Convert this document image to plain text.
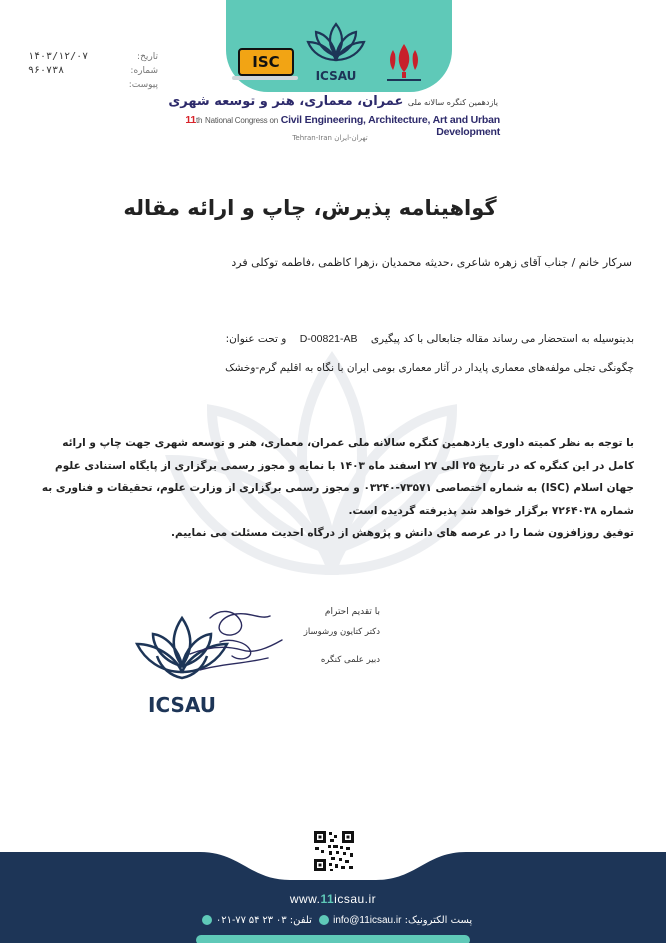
تاریخ:
۱۴۰۳/۱۲/۰۷
شماره:
۹۶۰۷۳۸
پیوست:
ISC
ICSAU
یازدهمین کنگره سالانه ملی عمران، معماری، هنر و توسعه شهری
11th National Congress on Civil Engineering, Architecture, Art and Urban Development
Tehran-Iran تهران-ایران
گواهینامه پذیرش، چاپ و ارائه مقاله
سرکار خانم / جناب آقای زهره شاعری ،حدیثه محمدیان ،زهرا کاظمی ،فاطمه توکلی فرد
بدینوسیله به استحضار می رساند مقاله جنابعالی با کد پیگیری D-00821-AB و تحت عنوان:
چگونگی تجلی مولفه‌های معماری پایدار در آثار معماری بومی ایران با نگاه به اقلیم گرم-وخشک

با توجه به نظر کمیته داوری یازدهمین کنگره سالانه ملی عمران، معماری، هنر و توسعه شهری جهت چاپ و ارائه کامل در این کنگره که در تاریخ ۲۵ الی ۲۷ اسفند ماه ۱۴۰۳ با نمایه و مجوز رسمی برگزاری از پایگاه استنادی علوم جهان اسلام (ISC) به شماره اختصاصی ۷۳۵۷۱-۰۳۲۴۰ و مجوز رسمی برگزاری از وزارت علوم، تحقیقات و فناوری به شماره ۷۲۶۴۰۳۸ برگزار خواهد شد پذیرفته گردیده است.

توفیق روزافزون شما را در عرصه های دانش و پژوهش از درگاه احدیت مسئلت می نماییم.

ICSAU
با تقدیم احترام
دکتر کتایون ورشوساز
دبیر علمی کنگره
www.11icsau.ir
پست الکترونیک: info@11icsau.ir تلفن: ۰۲۱-۷۷ ۵۴ ۲۳ ۰۳
